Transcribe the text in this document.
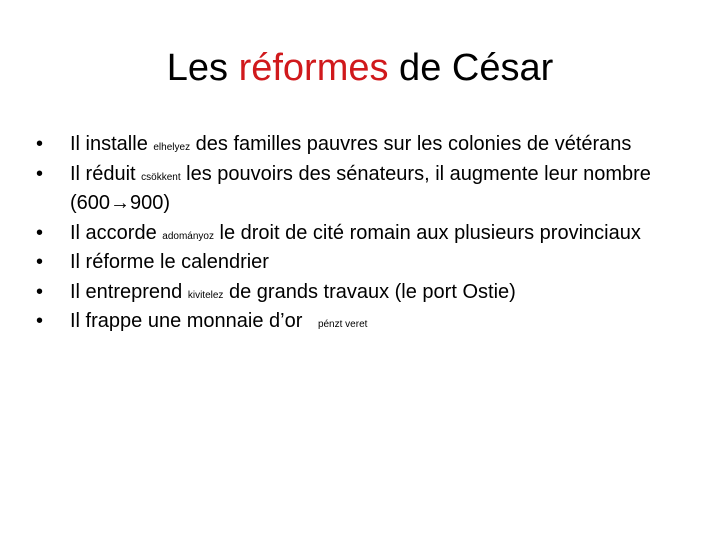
Les réformes de César
•	Il installe elhelyez des familles pauvres sur les colonies de vétérans
•	Il réduit csökkent les pouvoirs des sénateurs, il augmente leur nombre (600→900)
•	Il accorde adományoz le droit de cité romain aux plusieurs provinciaux
•	Il réforme le calendrier
•	Il entreprend kivitelez de grands travaux (le port Ostie)
•	Il frappe une monnaie d’or pénzt veret
